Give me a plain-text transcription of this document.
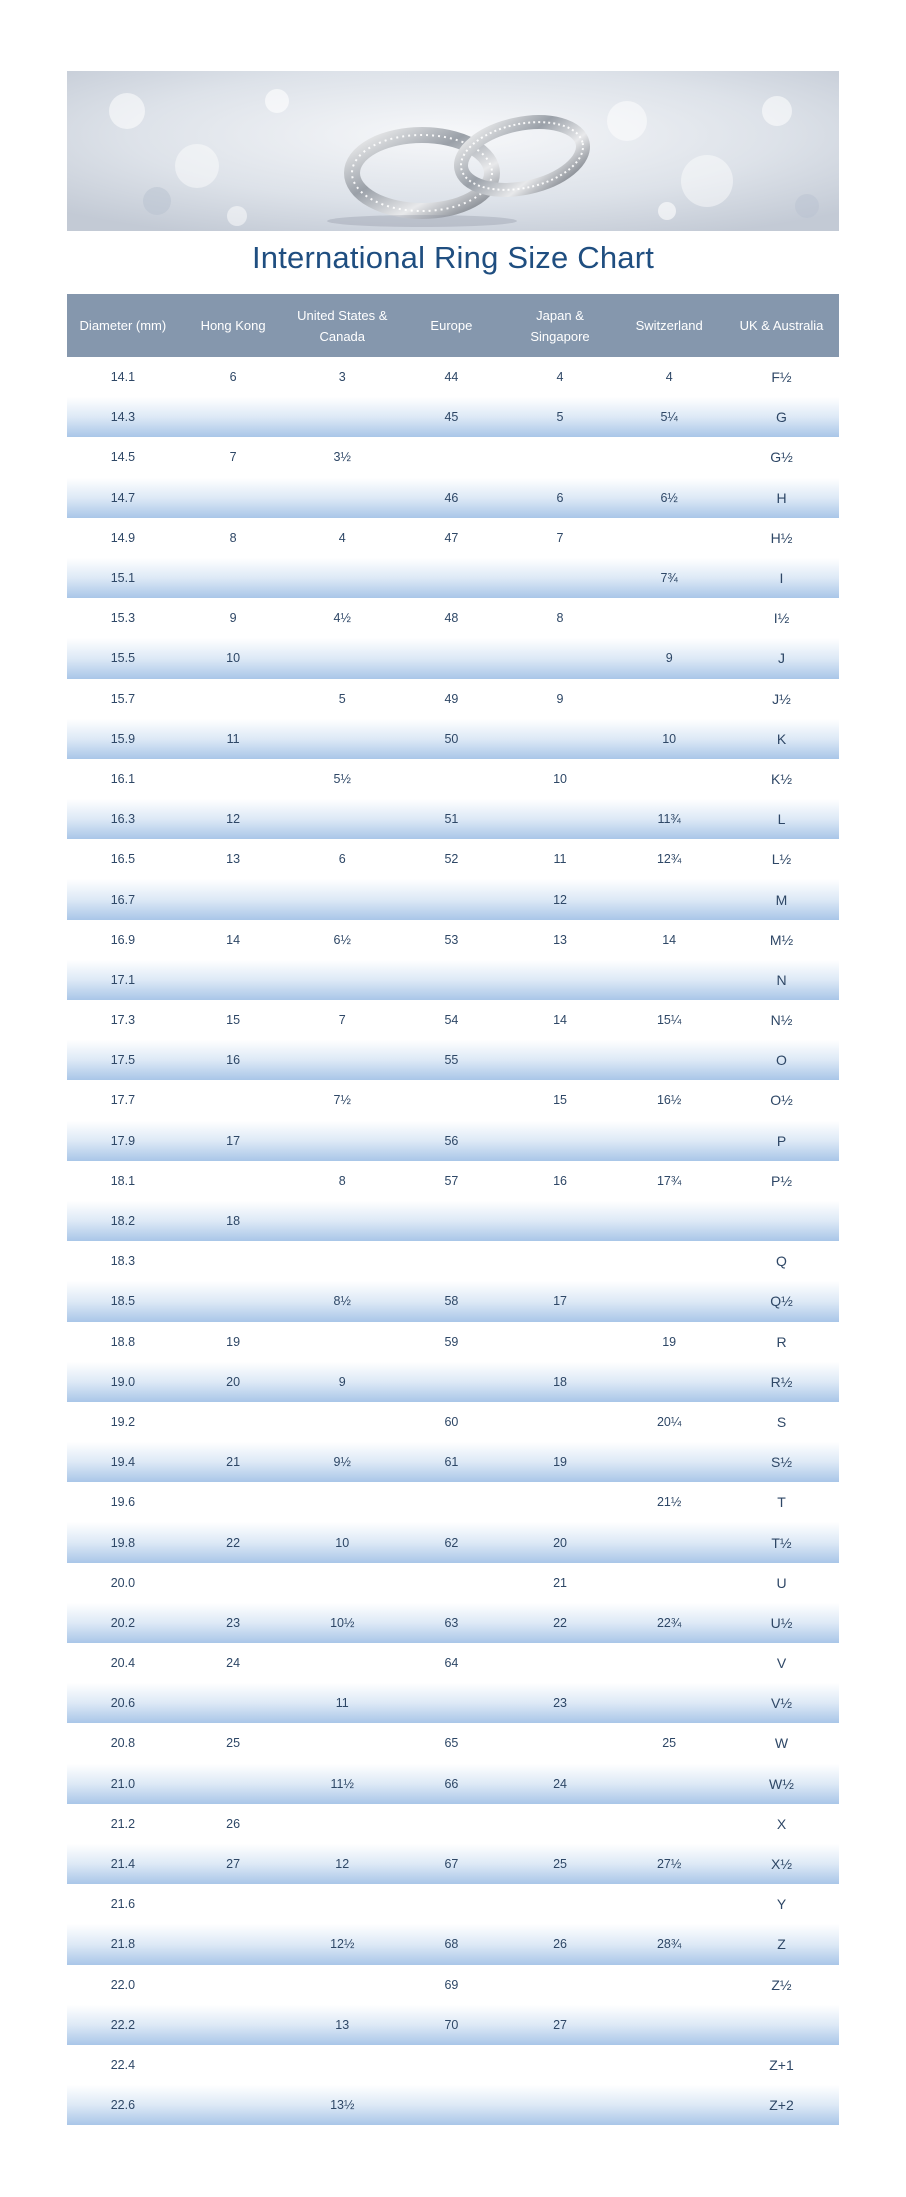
International Ring Size Chart
Diameter (mm)	Hong Kong	United States & Canada	Europe	Japan & Singapore	Switzerland	UK & Australia
14.1	6	3	44	4	4	F½
14.3			45	5	5¼	G
14.5	7	3½				G½
14.7			46	6	6½	H
14.9	8	4	47	7		H½
15.1					7¾	I
15.3	9	4½	48	8		I½
15.5	10				9	J
15.7		5	49	9		J½
15.9	11		50		10	K
16.1		5½		10		K½
16.3	12		51		11¾	L
16.5	13	6	52	11	12¾	L½
16.7				12		M
16.9	14	6½	53	13	14	M½
17.1						N
17.3	15	7	54	14	15¼	N½
17.5	16		55			O
17.7		7½		15	16½	O½
17.9	17		56			P
18.1		8	57	16	17¾	P½
18.2	18					
18.3						Q
18.5		8½	58	17		Q½
18.8	19		59		19	R
19.0	20	9		18		R½
19.2			60		20¼	S
19.4	21	9½	61	19		S½
19.6					21½	T
19.8	22	10	62	20		T½
20.0				21		U
20.2	23	10½	63	22	22¾	U½
20.4	24		64			V
20.6		11		23		V½
20.8	25		65		25	W
21.0		11½	66	24		W½
21.2	26					X
21.4	27	12	67	25	27½	X½
21.6						Y
21.8		12½	68	26	28¾	Z
22.0			69			Z½
22.2		13	70	27		
22.4						Z+1
22.6		13½				Z+2
